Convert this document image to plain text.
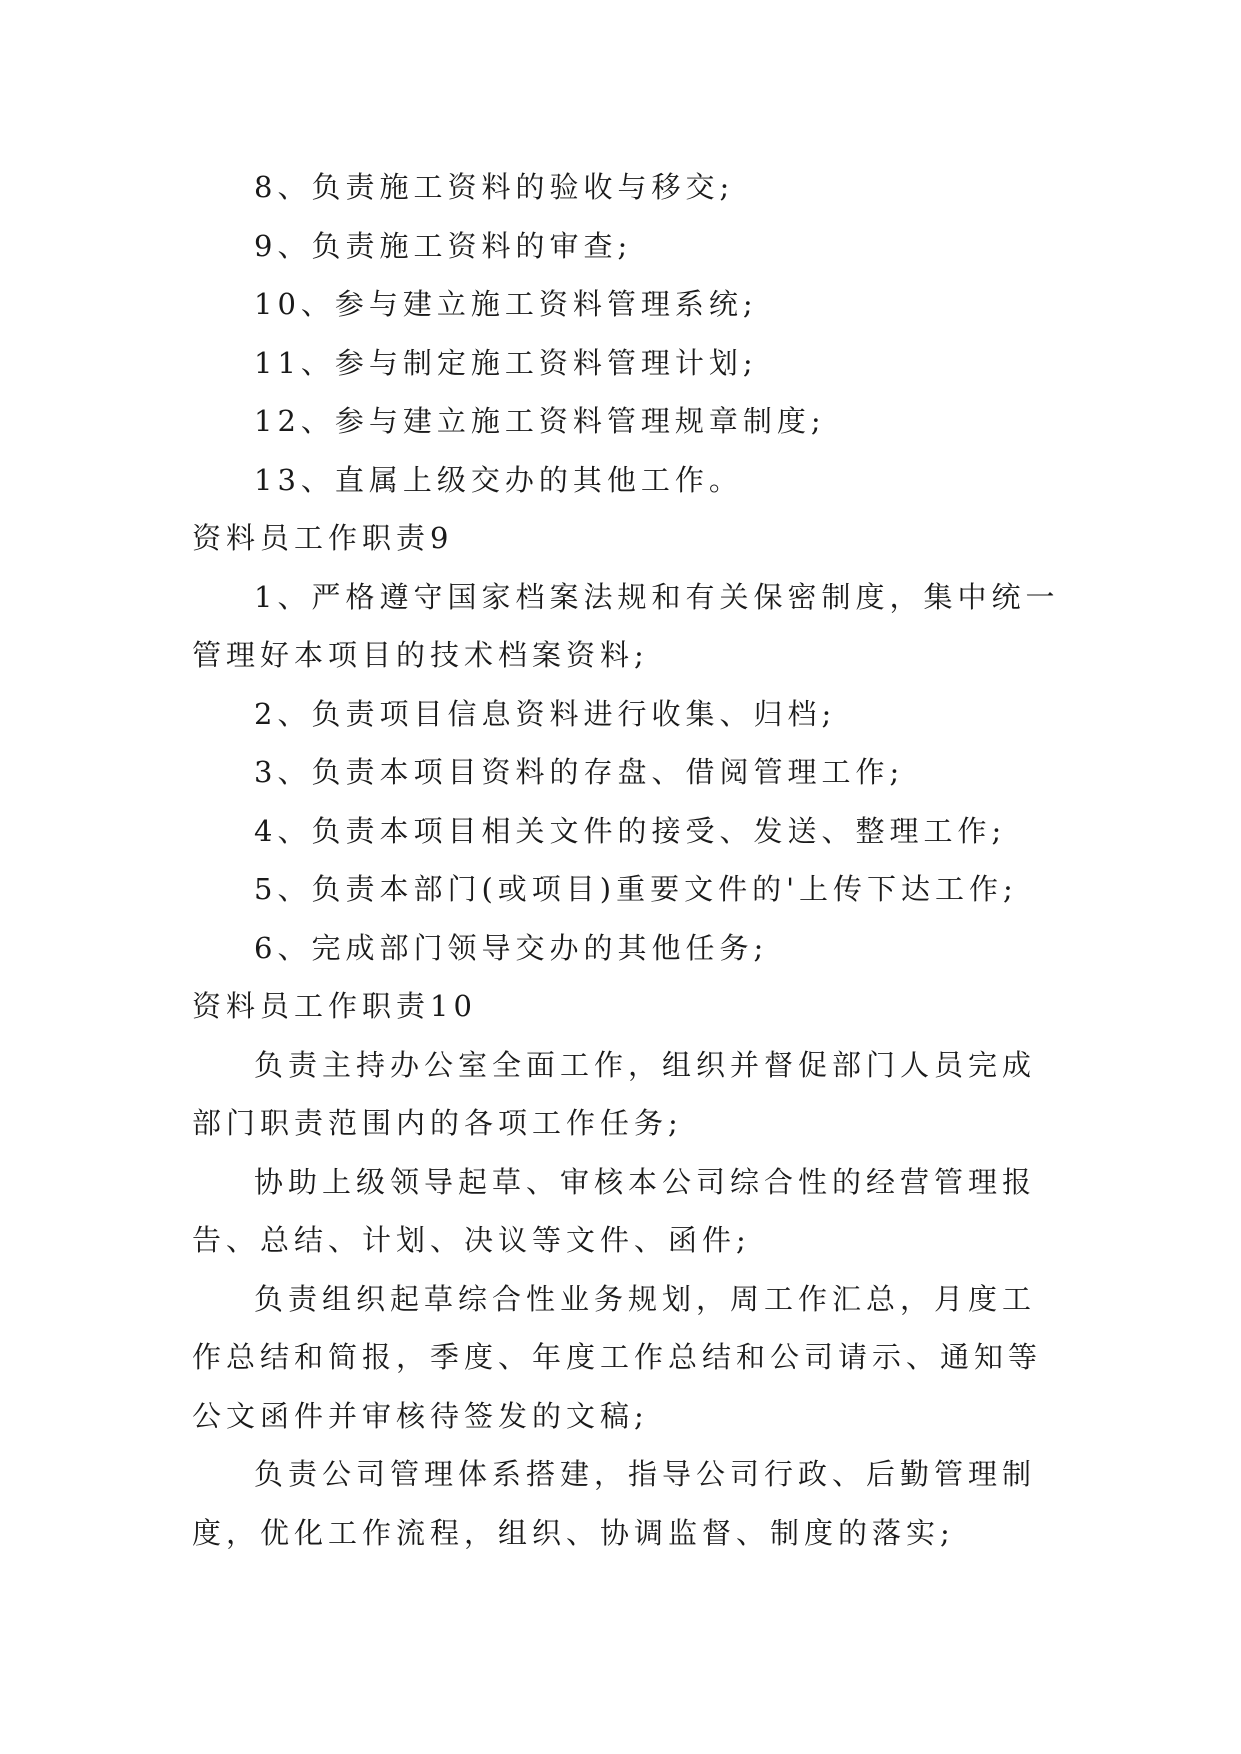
8、负责施工资料的验收与移交;

9、负责施工资料的审查;

10、参与建立施工资料管理系统;

11、参与制定施工资料管理计划;

12、参与建立施工资料管理规章制度;

13、直属上级交办的其他工作。

资料员工作职责9

1、严格遵守国家档案法规和有关保密制度，集中统一管理好本项目的技术档案资料;

2、负责项目信息资料进行收集、归档;

3、负责本项目资料的存盘、借阅管理工作;

4、负责本项目相关文件的接受、发送、整理工作;

5、负责本部门(或项目)重要文件的'上传下达工作;

6、完成部门领导交办的其他任务;

资料员工作职责10

负责主持办公室全面工作，组织并督促部门人员完成部门职责范围内的各项工作任务;

协助上级领导起草、审核本公司综合性的经营管理报告、总结、计划、决议等文件、函件;

负责组织起草综合性业务规划，周工作汇总，月度工作总结和简报，季度、年度工作总结和公司请示、通知等公文函件并审核待签发的文稿;

负责公司管理体系搭建，指导公司行政、后勤管理制度，优化工作流程，组织、协调监督、制度的落实;
